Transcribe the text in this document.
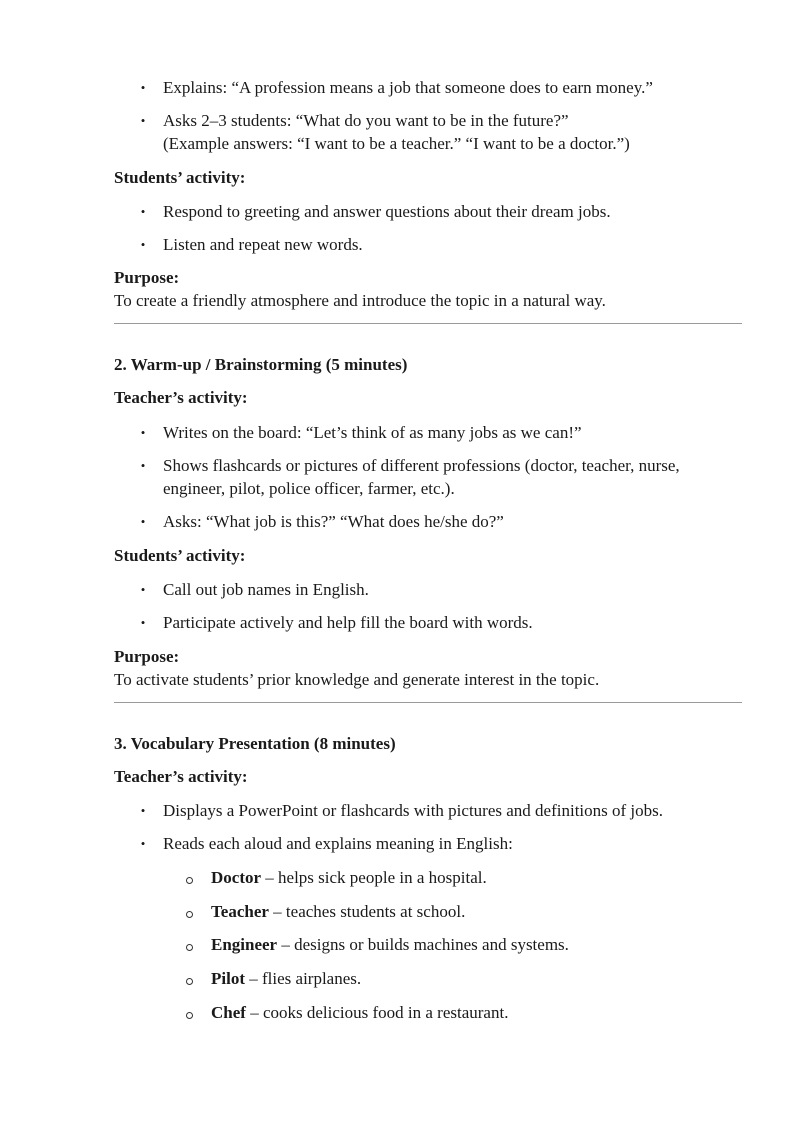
• Explains: “A profession means a job that someone does to earn money.”
• Asks 2–3 students: “What do you want to be in the future?”
(Example answers: “I want to be a teacher.” “I want to be a doctor.”)
Students’ activity:
• Respond to greeting and answer questions about their dream jobs.
• Listen and repeat new words.
Purpose:
To create a friendly atmosphere and introduce the topic in a natural way.
2. Warm-up / Brainstorming (5 minutes)
Teacher’s activity:
• Writes on the board: “Let’s think of as many jobs as we can!”
• Shows flashcards or pictures of different professions (doctor, teacher, nurse,
engineer, pilot, police officer, farmer, etc.).
• Asks: “What job is this?” “What does he/she do?”
Students’ activity:
• Call out job names in English.
• Participate actively and help fill the board with words.
Purpose:
To activate students’ prior knowledge and generate interest in the topic.
3. Vocabulary Presentation (8 minutes)
Teacher’s activity:
• Displays a PowerPoint or flashcards with pictures and definitions of jobs.
• Reads each aloud and explains meaning in English:
Doctor – helps sick people in a hospital.
Teacher – teaches students at school.
Engineer – designs or builds machines and systems.
Pilot – flies airplanes.
Chef – cooks delicious food in a restaurant.
